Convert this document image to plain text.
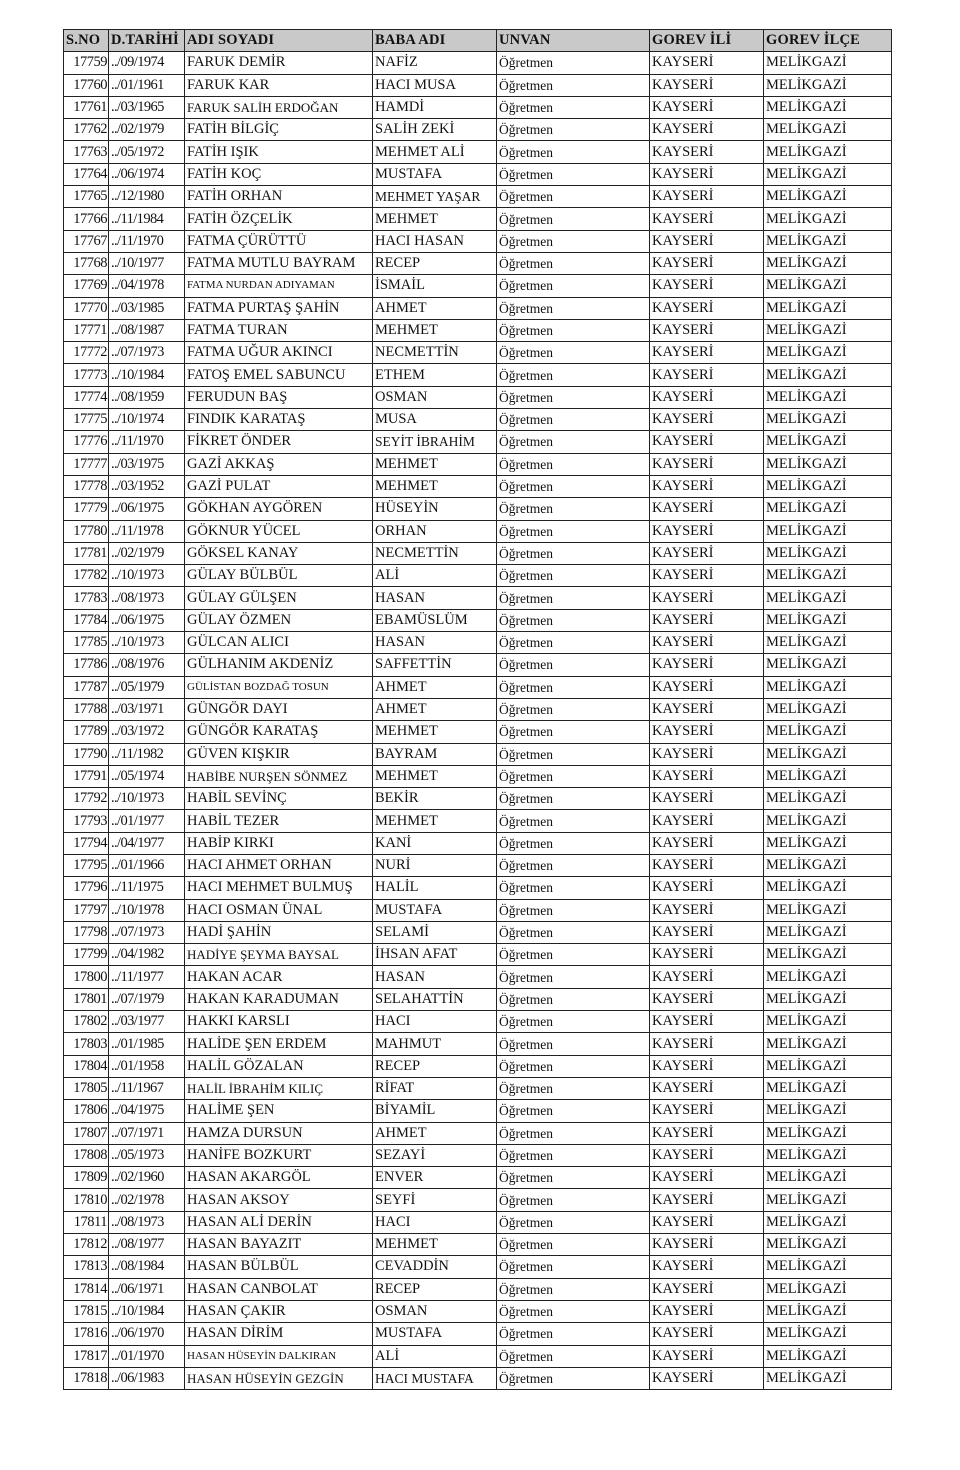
S.NO	D.TARİHİ	ADI SOYADI	BABA ADI	UNVAN	GOREV İLİ	GOREV İLÇE
17759	../09/1974	FARUK DEMİR	NAFİZ	Öğretmen	KAYSERİ	MELİKGAZİ
17760	../01/1961	FARUK KAR	HACI MUSA	Öğretmen	KAYSERİ	MELİKGAZİ
17761	../03/1965	FARUK SALİH ERDOĞAN	HAMDİ	Öğretmen	KAYSERİ	MELİKGAZİ
17762	../02/1979	FATİH BİLGİÇ	SALİH ZEKİ	Öğretmen	KAYSERİ	MELİKGAZİ
17763	../05/1972	FATİH IŞIK	MEHMET ALİ	Öğretmen	KAYSERİ	MELİKGAZİ
17764	../06/1974	FATİH KOÇ	MUSTAFA	Öğretmen	KAYSERİ	MELİKGAZİ
17765	../12/1980	FATİH ORHAN	MEHMET YAŞAR	Öğretmen	KAYSERİ	MELİKGAZİ
17766	../11/1984	FATİH ÖZÇELİK	MEHMET	Öğretmen	KAYSERİ	MELİKGAZİ
17767	../11/1970	FATMA ÇÜRÜTTÜ	HACI HASAN	Öğretmen	KAYSERİ	MELİKGAZİ
17768	../10/1977	FATMA MUTLU BAYRAM	RECEP	Öğretmen	KAYSERİ	MELİKGAZİ
17769	../04/1978	FATMA NURDAN ADIYAMAN	İSMAİL	Öğretmen	KAYSERİ	MELİKGAZİ
17770	../03/1985	FATMA PURTAŞ ŞAHİN	AHMET	Öğretmen	KAYSERİ	MELİKGAZİ
17771	../08/1987	FATMA TURAN	MEHMET	Öğretmen	KAYSERİ	MELİKGAZİ
17772	../07/1973	FATMA UĞUR AKINCI	NECMETTİN	Öğretmen	KAYSERİ	MELİKGAZİ
17773	../10/1984	FATOŞ EMEL SABUNCU	ETHEM	Öğretmen	KAYSERİ	MELİKGAZİ
17774	../08/1959	FERUDUN BAŞ	OSMAN	Öğretmen	KAYSERİ	MELİKGAZİ
17775	../10/1974	FINDIK KARATAŞ	MUSA	Öğretmen	KAYSERİ	MELİKGAZİ
17776	../11/1970	FİKRET ÖNDER	SEYİT İBRAHİM	Öğretmen	KAYSERİ	MELİKGAZİ
17777	../03/1975	GAZİ AKKAŞ	MEHMET	Öğretmen	KAYSERİ	MELİKGAZİ
17778	../03/1952	GAZİ PULAT	MEHMET	Öğretmen	KAYSERİ	MELİKGAZİ
17779	../06/1975	GÖKHAN AYGÖREN	HÜSEYİN	Öğretmen	KAYSERİ	MELİKGAZİ
17780	../11/1978	GÖKNUR YÜCEL	ORHAN	Öğretmen	KAYSERİ	MELİKGAZİ
17781	../02/1979	GÖKSEL KANAY	NECMETTİN	Öğretmen	KAYSERİ	MELİKGAZİ
17782	../10/1973	GÜLAY BÜLBÜL	ALİ	Öğretmen	KAYSERİ	MELİKGAZİ
17783	../08/1973	GÜLAY GÜLŞEN	HASAN	Öğretmen	KAYSERİ	MELİKGAZİ
17784	../06/1975	GÜLAY ÖZMEN	EBAMÜSLÜM	Öğretmen	KAYSERİ	MELİKGAZİ
17785	../10/1973	GÜLCAN ALICI	HASAN	Öğretmen	KAYSERİ	MELİKGAZİ
17786	../08/1976	GÜLHANIM AKDENİZ	SAFFETTİN	Öğretmen	KAYSERİ	MELİKGAZİ
17787	../05/1979	GÜLİSTAN BOZDAĞ TOSUN	AHMET	Öğretmen	KAYSERİ	MELİKGAZİ
17788	../03/1971	GÜNGÖR DAYI	AHMET	Öğretmen	KAYSERİ	MELİKGAZİ
17789	../03/1972	GÜNGÖR KARATAŞ	MEHMET	Öğretmen	KAYSERİ	MELİKGAZİ
17790	../11/1982	GÜVEN KIŞKIR	BAYRAM	Öğretmen	KAYSERİ	MELİKGAZİ
17791	../05/1974	HABİBE NURŞEN SÖNMEZ	MEHMET	Öğretmen	KAYSERİ	MELİKGAZİ
17792	../10/1973	HABİL SEVİNÇ	BEKİR	Öğretmen	KAYSERİ	MELİKGAZİ
17793	../01/1977	HABİL TEZER	MEHMET	Öğretmen	KAYSERİ	MELİKGAZİ
17794	../04/1977	HABİP KIRKI	KANİ	Öğretmen	KAYSERİ	MELİKGAZİ
17795	../01/1966	HACI AHMET ORHAN	NURİ	Öğretmen	KAYSERİ	MELİKGAZİ
17796	../11/1975	HACI MEHMET BULMUŞ	HALİL	Öğretmen	KAYSERİ	MELİKGAZİ
17797	../10/1978	HACI OSMAN ÜNAL	MUSTAFA	Öğretmen	KAYSERİ	MELİKGAZİ
17798	../07/1973	HADİ ŞAHİN	SELAMİ	Öğretmen	KAYSERİ	MELİKGAZİ
17799	../04/1982	HADİYE ŞEYMA BAYSAL	İHSAN AFAT	Öğretmen	KAYSERİ	MELİKGAZİ
17800	../11/1977	HAKAN ACAR	HASAN	Öğretmen	KAYSERİ	MELİKGAZİ
17801	../07/1979	HAKAN KARADUMAN	SELAHATTİN	Öğretmen	KAYSERİ	MELİKGAZİ
17802	../03/1977	HAKKI KARSLI	HACI	Öğretmen	KAYSERİ	MELİKGAZİ
17803	../01/1985	HALİDE ŞEN ERDEM	MAHMUT	Öğretmen	KAYSERİ	MELİKGAZİ
17804	../01/1958	HALİL GÖZALAN	RECEP	Öğretmen	KAYSERİ	MELİKGAZİ
17805	../11/1967	HALİL İBRAHİM KILIÇ	RİFAT	Öğretmen	KAYSERİ	MELİKGAZİ
17806	../04/1975	HALİME ŞEN	BİYAMİL	Öğretmen	KAYSERİ	MELİKGAZİ
17807	../07/1971	HAMZA DURSUN	AHMET	Öğretmen	KAYSERİ	MELİKGAZİ
17808	../05/1973	HANİFE BOZKURT	SEZAYİ	Öğretmen	KAYSERİ	MELİKGAZİ
17809	../02/1960	HASAN AKARGÖL	ENVER	Öğretmen	KAYSERİ	MELİKGAZİ
17810	../02/1978	HASAN AKSOY	SEYFİ	Öğretmen	KAYSERİ	MELİKGAZİ
17811	../08/1973	HASAN ALİ DERİN	HACI	Öğretmen	KAYSERİ	MELİKGAZİ
17812	../08/1977	HASAN BAYAZIT	MEHMET	Öğretmen	KAYSERİ	MELİKGAZİ
17813	../08/1984	HASAN BÜLBÜL	CEVADDİN	Öğretmen	KAYSERİ	MELİKGAZİ
17814	../06/1971	HASAN CANBOLAT	RECEP	Öğretmen	KAYSERİ	MELİKGAZİ
17815	../10/1984	HASAN ÇAKIR	OSMAN	Öğretmen	KAYSERİ	MELİKGAZİ
17816	../06/1970	HASAN DİRİM	MUSTAFA	Öğretmen	KAYSERİ	MELİKGAZİ
17817	../01/1970	HASAN HÜSEYİN DALKIRAN	ALİ	Öğretmen	KAYSERİ	MELİKGAZİ
17818	../06/1983	HASAN HÜSEYİN GEZGİN	HACI MUSTAFA	Öğretmen	KAYSERİ	MELİKGAZİ
